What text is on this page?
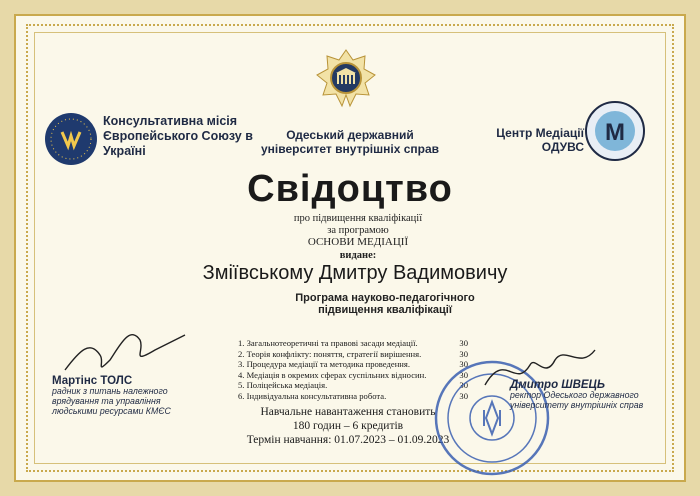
Консультативна місія Європейського Союзу в Україні
Одеський державний університет внутрішніх справ
Центр Медіації ОДУВС
M
Свідоцтво
про підвищення кваліфікації
за програмою
ОСНОВИ МЕДІАЦІЇ
видане:
Зміївському Дмитру Вадимовичу
Програма науково-педагогічного підвищення кваліфікації
1. Загальнотеоретичні та правові засади медіації.	30
2. Теорія конфлікту: поняття, стратегії вирішення.	30
3. Процедура медіації та методика проведення.	30
4. Медіація в окремих сферах суспільних відносин.	30
5. Поліцейська медіація.	30
6. Індивідуальна консультативна робота.	30
Навчальне навантаження становить
180 годин – 6 кредитів
Термін навчання: 01.07.2023 – 01.09.2023
Мартінс ТОЛС
радник з питань належного врядування та управління людськими ресурсами КМЄС
Дмитро ШВЕЦЬ
ректор Одеського державного університету внутрішніх справ
